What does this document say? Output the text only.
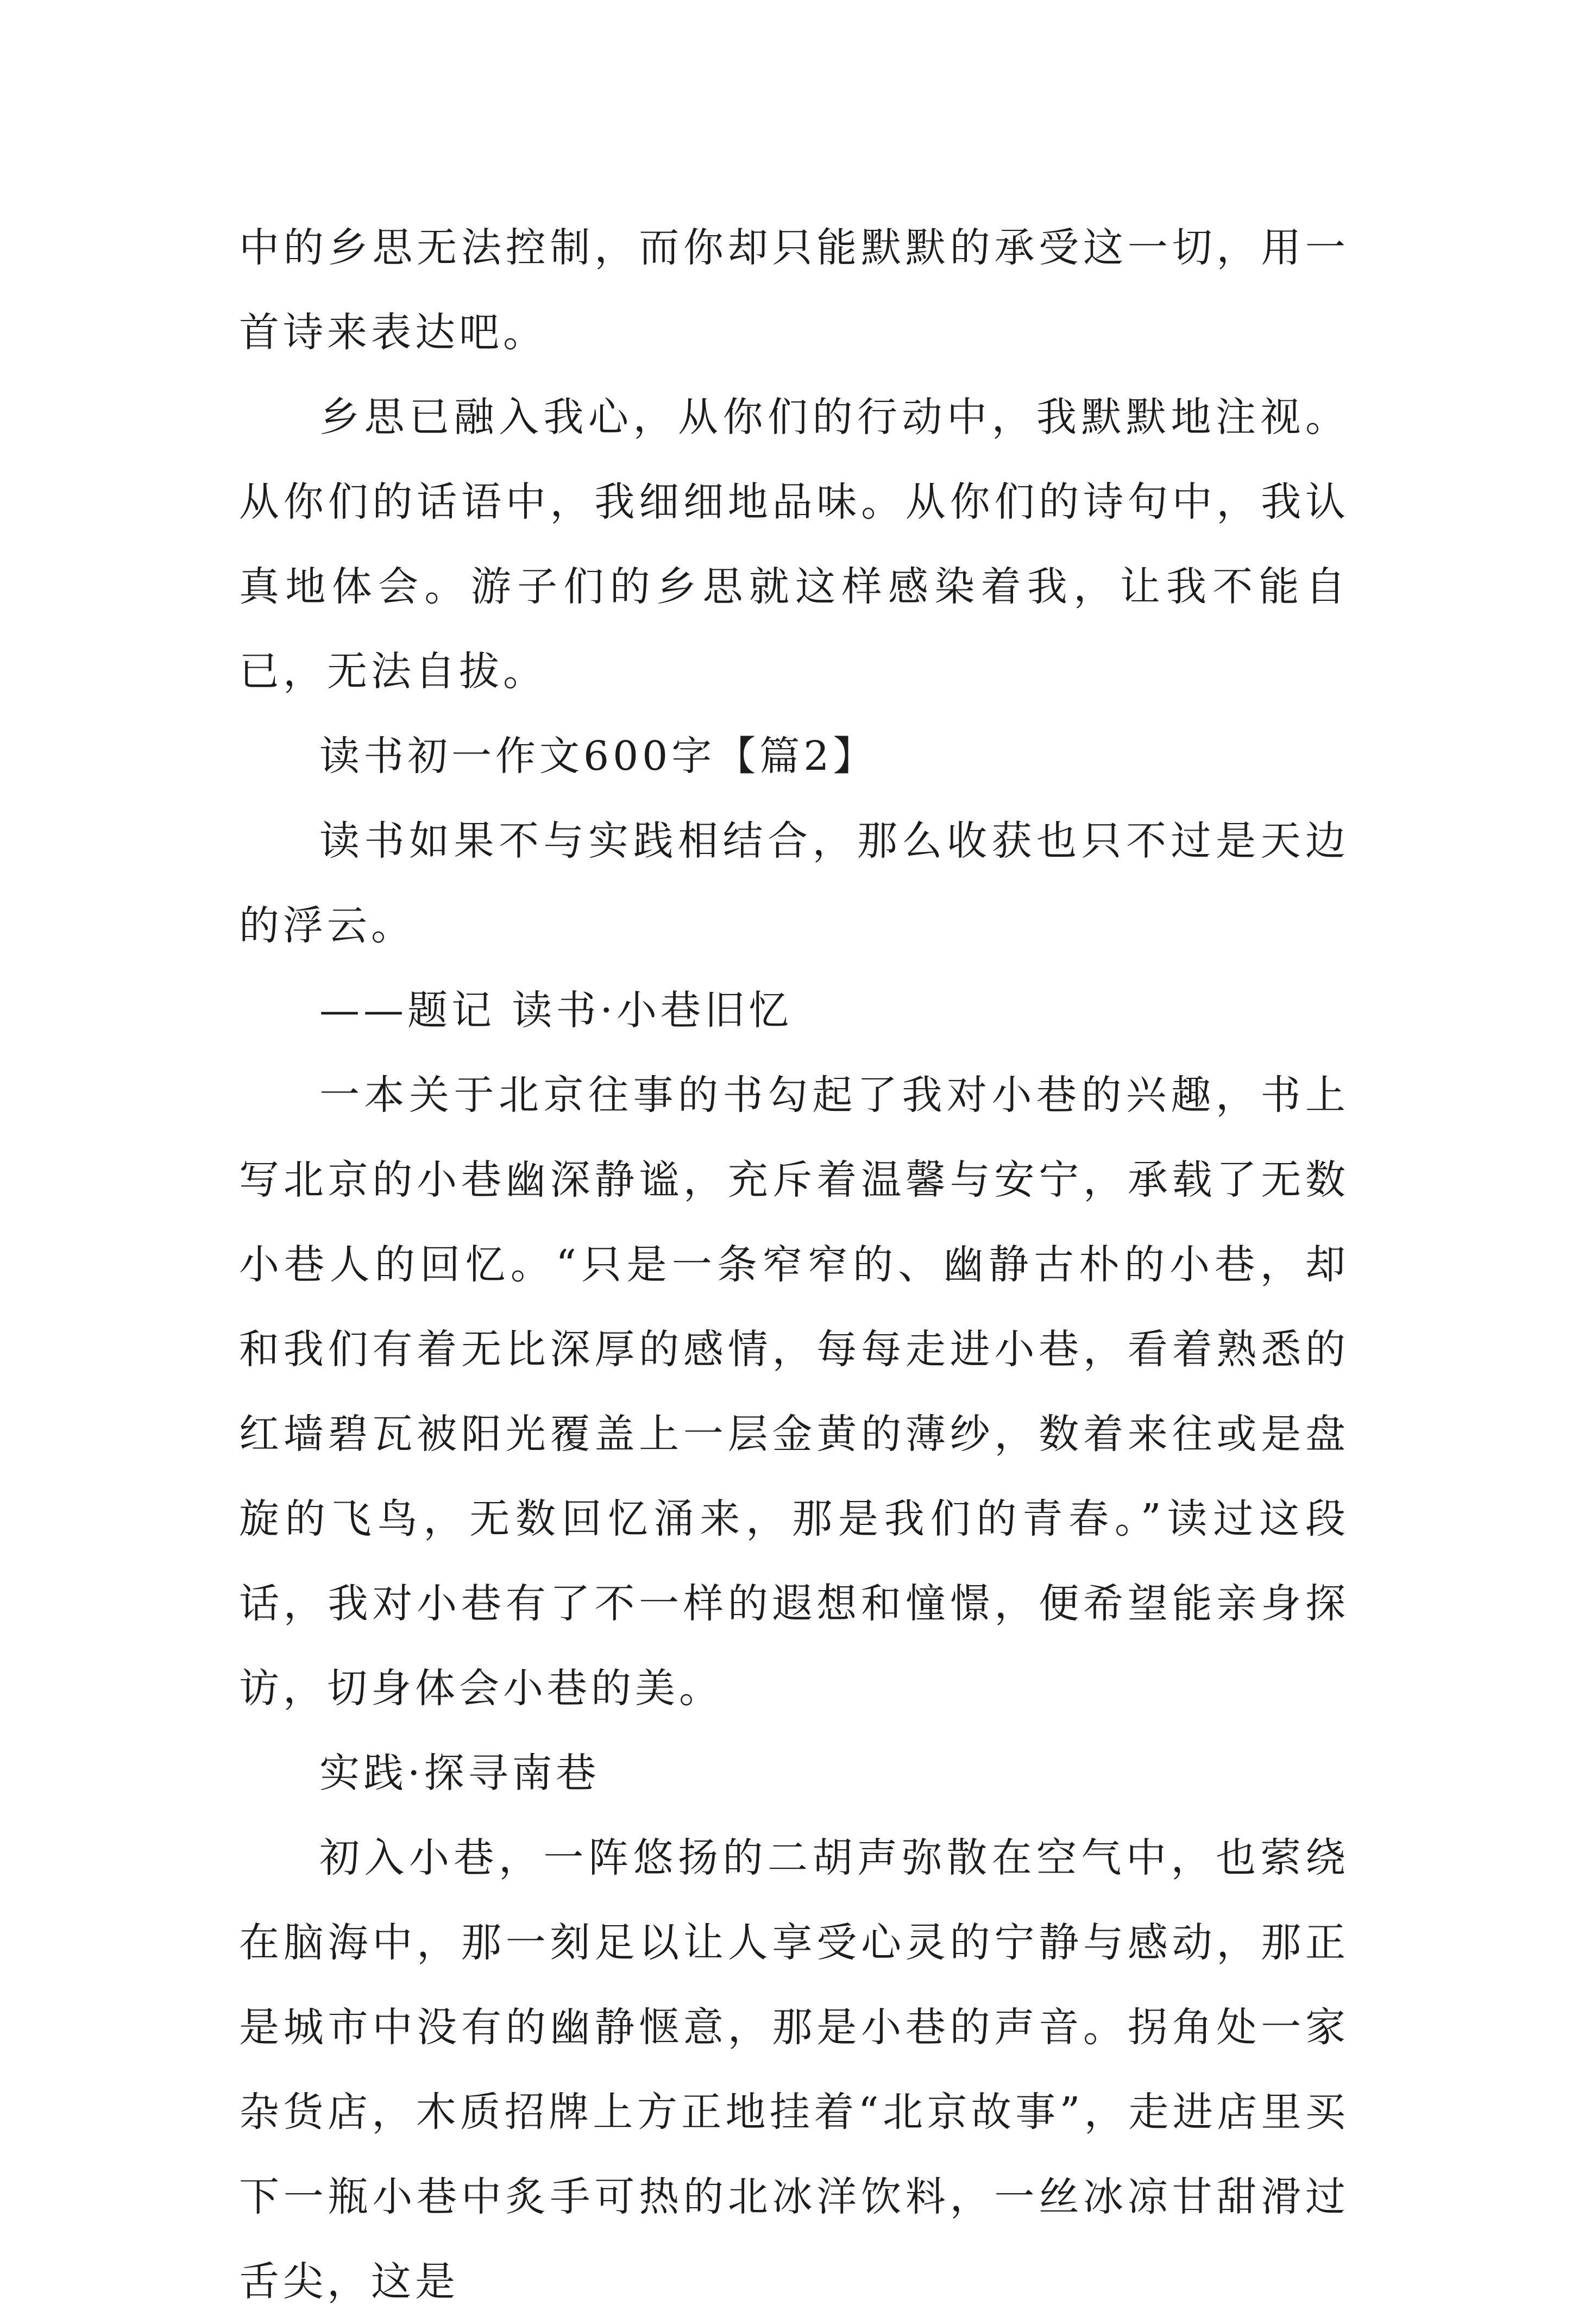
中的乡思无法控制，而你却只能默默的承受这一切，用一首诗来表达吧。

乡思已融入我心，从你们的行动中，我默默地注视。从你们的话语中，我细细地品味。从你们的诗句中，我认真地体会。游子们的乡思就这样感染着我，让我不能自已，无法自拔。

读书初一作文600字【篇2】

读书如果不与实践相结合，那么收获也只不过是天边的浮云。

——题记 读书·小巷旧忆

一本关于北京往事的书勾起了我对小巷的兴趣，书上写北京的小巷幽深静谧，充斥着温馨与安宁，承载了无数小巷人的回忆。“只是一条窄窄的、幽静古朴的小巷，却和我们有着无比深厚的感情，每每走进小巷，看着熟悉的红墙碧瓦被阳光覆盖上一层金黄的薄纱，数着来往或是盘旋的飞鸟，无数回忆涌来，那是我们的青春。”读过这段话，我对小巷有了不一样的遐想和憧憬，便希望能亲身探访，切身体会小巷的美。

实践·探寻南巷

初入小巷，一阵悠扬的二胡声弥散在空气中，也萦绕在脑海中，那一刻足以让人享受心灵的宁静与感动，那正是城市中没有的幽静惬意，那是小巷的声音。拐角处一家杂货店，木质招牌上方正地挂着“北京故事”，走进店里买下一瓶小巷中炙手可热的北冰洋饮料，一丝冰凉甘甜滑过舌尖，这是
